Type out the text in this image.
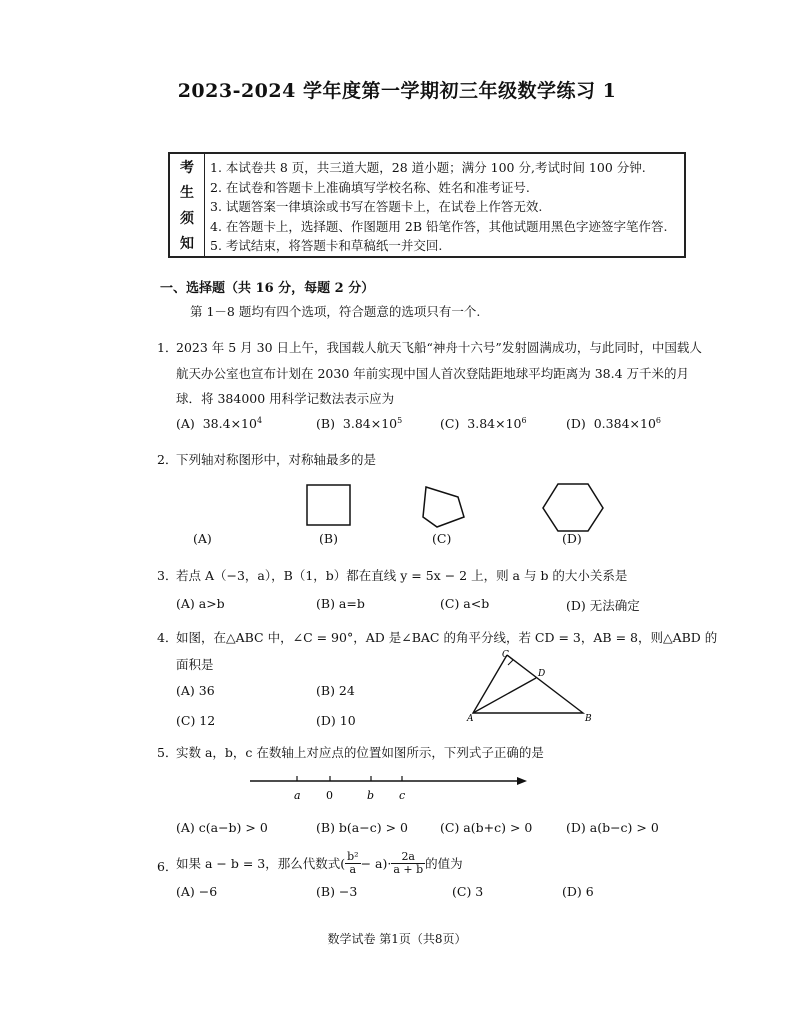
2023-2024 学年度第一学期初三年级数学练习 1
考
生
须
知
1. 本试卷共 8 页，共三道大题，28 道小题；满分 100 分,考试时间 100 分钟.
2. 在试卷和答题卡上准确填写学校名称、姓名和准考证号.
3. 试题答案一律填涂或书写在答题卡上，在试卷上作答无效.
4. 在答题卡上，选择题、作图题用 2B 铅笔作答，其他试题用黑色字迹签字笔作答.
5. 考试结束，将答题卡和草稿纸一并交回.
一、选择题（共 16 分，每题 2 分）
第 1－8 题均有四个选项，符合题意的选项只有一个.
1．
2023 年 5 月 30 日上午，我国载人航天飞船“神舟十六号”发射圆满成功，与此同时，中国载人
航天办公室也宣布计划在 2030 年前实现中国人首次登陆距地球平均距离为 38.4 万千米的月
球．将 384000 用科学记数法表示应为
(A) $38.4\times 10^4$	(B) $3.84\times 10^5$	(C) $3.84\times 10^6$	(D) $0.384\times 10^6$
2．
下列轴对称图形中，对称轴最多的是
(A)	(B)	(C)	(D)
3．
若点 A（−3，a），B（1，b）都在直线 y = 5x − 2 上，则 a 与 b 的大小关系是
(A) a>b	(B) a=b	(C) a<b	(D) 无法确定
4．
如图，在△ABC 中，∠C = 90°，AD 是∠BAC 的角平分线，若 CD = 3，AB = 8，则△ABD 的
面积是
(A) 36	(B) 24
(C) 12	(D) 10
C
D
A	B
5．
实数 a，b，c 在数轴上对应点的位置如图所示，下列式子正确的是
a 0	b c
(A) c(a−b) > 0	(B) b(a−c) > 0	(C) a(b+c) > 0	(D) a(b−c) > 0
6．
如果 a − b = 3，那么代数式( $\frac{\text{b²}}{a} - a)\cdot \frac{2a}{a + b}$ 的值为
(A) −6	(B) −3	(C) 3	(D) 6
数学试卷 第1页（共8页）
